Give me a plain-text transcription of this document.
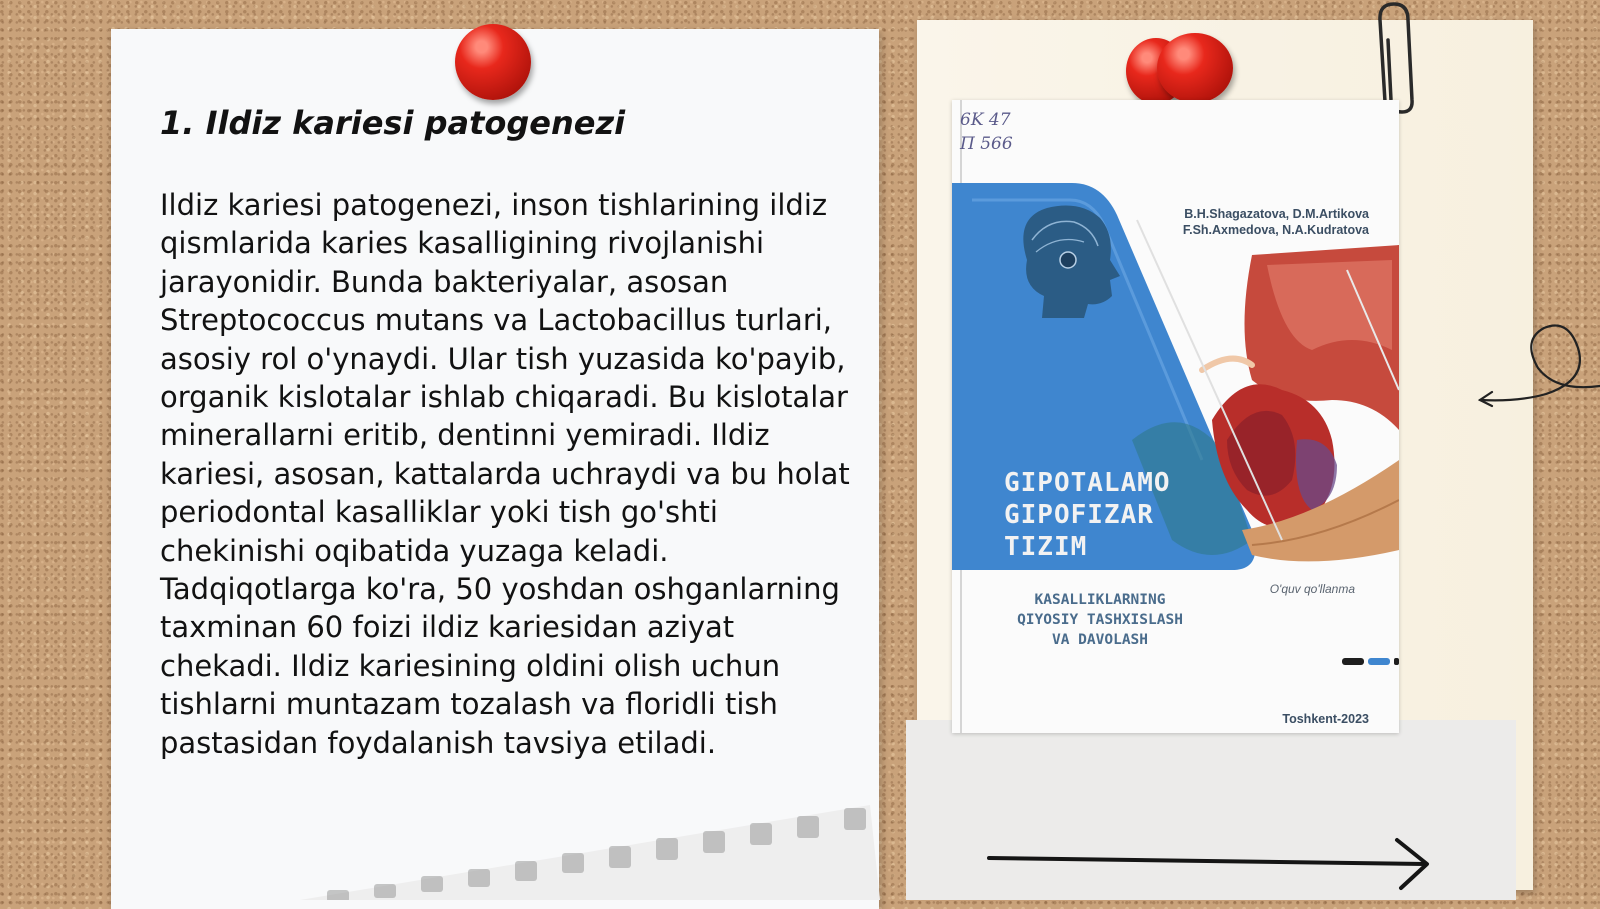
1. Ildiz kariesi patogenezi

Ildiz kariesi patogenezi, inson tishlarining ildiz qismlarida karies kasalligining rivojlanishi jarayonidir. Bunda bakteriyalar, asosan Streptococcus mutans va Lactobacillus turlari, asosiy rol o'ynaydi. Ular tish yuzasida ko'payib, organik kislotalar ishlab chiqaradi. Bu kislotalar minerallarni eritib, dentinni yemiradi. Ildiz kariesi, asosan, kattalarda uchraydi va bu holat periodontal kasalliklar yoki tish go'shti chekinishi oqibatida yuzaga keladi. Tadqiqotlarga ko'ra, 50 yoshdan oshganlarning taxminan 60 foizi ildiz kariesidan aziyat chekadi. Ildiz kariesining oldini olish uchun tishlarni muntazam tozalash va floridli tish pastasidan foydalanish tavsiya etiladi.

6K 47
Π 566
B.H.Shagazatova, D.M.Artikova
F.Sh.Axmedova, N.A.Kudratova
GIPOTALAMO
GIPOFIZAR
TIZIM
O'quv qo'llanma
KASALLIKLARNING
QIYOSIY TASHXISLASH
VA DAVOLASH
Toshkent-2023
